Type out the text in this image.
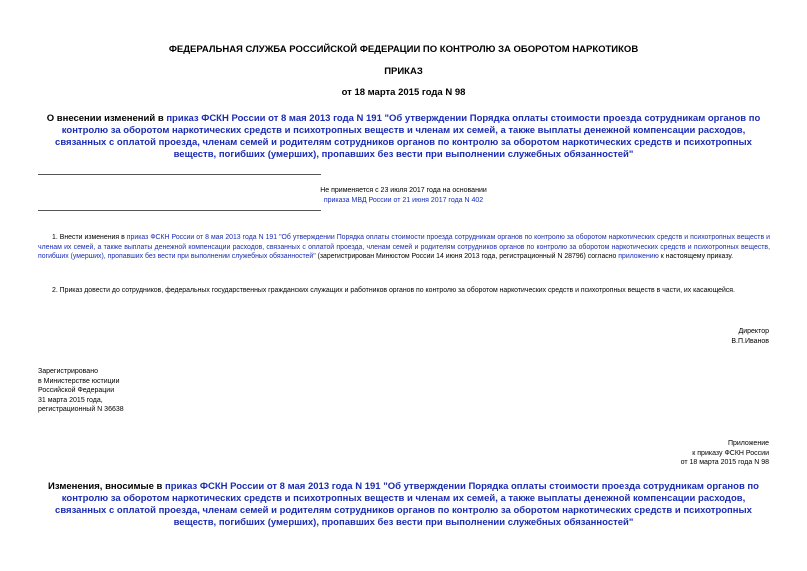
ФЕДЕРАЛЬНАЯ СЛУЖБА РОССИЙСКОЙ ФЕДЕРАЦИИ ПО КОНТРОЛЮ ЗА ОБОРОТОМ НАРКОТИКОВ
ПРИКАЗ
от 18 марта 2015 года N 98
О внесении изменений в приказ ФСКН России от 8 мая 2013 года N 191 "Об утверждении Порядка оплаты стоимости проезда сотрудникам органов по контролю за оборотом наркотических средств и психотропных веществ и членам их семей, а также выплаты денежной компенсации расходов, связанных с оплатой проезда, членам семей и родителям сотрудников органов по контролю за оборотом наркотических средств и психотропных веществ, погибших (умерших), пропавших без вести при выполнении служебных обязанностей"
Не применяется с 23 июля 2017 года на основании
приказа МВД России от 21 июня 2017 года N 402
1. Внести изменения в приказ ФСКН России от 8 мая 2013 года N 191 "Об утверждении Порядка оплаты стоимости проезда сотрудникам органов по контролю за оборотом наркотических средств и психотропных веществ и членам их семей, а также выплаты денежной компенсации расходов, связанных с оплатой проезда, членам семей и родителям сотрудников органов по контролю за оборотом наркотических средств и психотропных веществ, погибших (умерших), пропавших без вести при выполнении служебных обязанностей" (зарегистрирован Минюстом России 14 июня 2013 года, регистрационный N 28796) согласно приложению к настоящему приказу.
2. Приказ довести до сотрудников, федеральных государственных гражданских служащих и работников органов по контролю за оборотом наркотических средств и психотропных веществ в части, их касающейся.
Директор
В.П.Иванов
Зарегистрировано
в Министерстве юстиции
Российской Федерации
31 марта 2015 года,
регистрационный N 36638
Приложение
к приказу ФСКН России
от 18 марта 2015 года N 98
Изменения, вносимые в приказ ФСКН России от 8 мая 2013 года N 191 "Об утверждении Порядка оплаты стоимости проезда сотрудникам органов по контролю за оборотом наркотических средств и психотропных веществ и членам их семей, а также выплаты денежной компенсации расходов, связанных с оплатой проезда, членам семей и родителям сотрудников органов по контролю за оборотом наркотических средств и психотропных веществ, погибших (умерших), пропавших без вести при выполнении служебных обязанностей"
